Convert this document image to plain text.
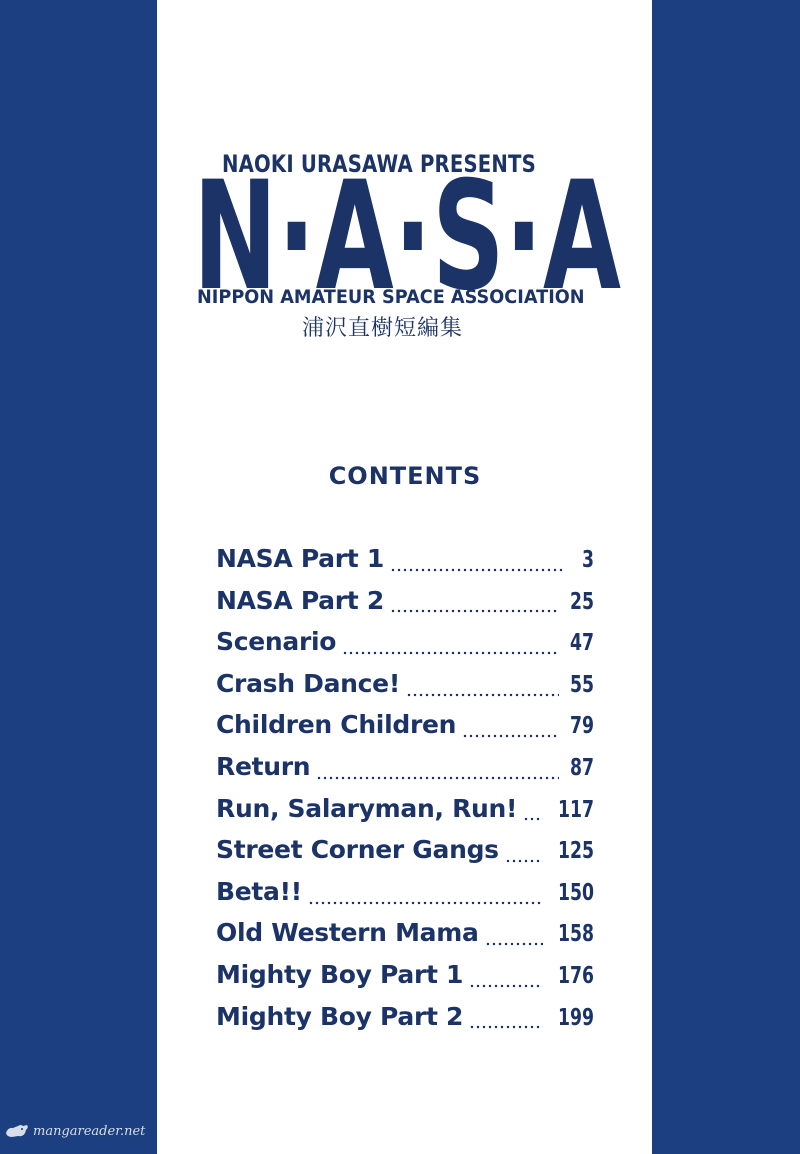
NAOKI URASAWA PRESENTS
N·A·S·A
NIPPON AMATEUR SPACE ASSOCIATION
浦沢直樹短編集
CONTENTS
NASA Part 1	3
NASA Part 2	25
Scenario	47
Crash Dance!	55
Children Children	79
Return	87
Run, Salaryman, Run! 117
Street Corner Gangs	125
Beta!!	150
Old Western Mama	158
Mighty Boy Part 1	176
Mighty Boy Part 2	199
mangareader.net
